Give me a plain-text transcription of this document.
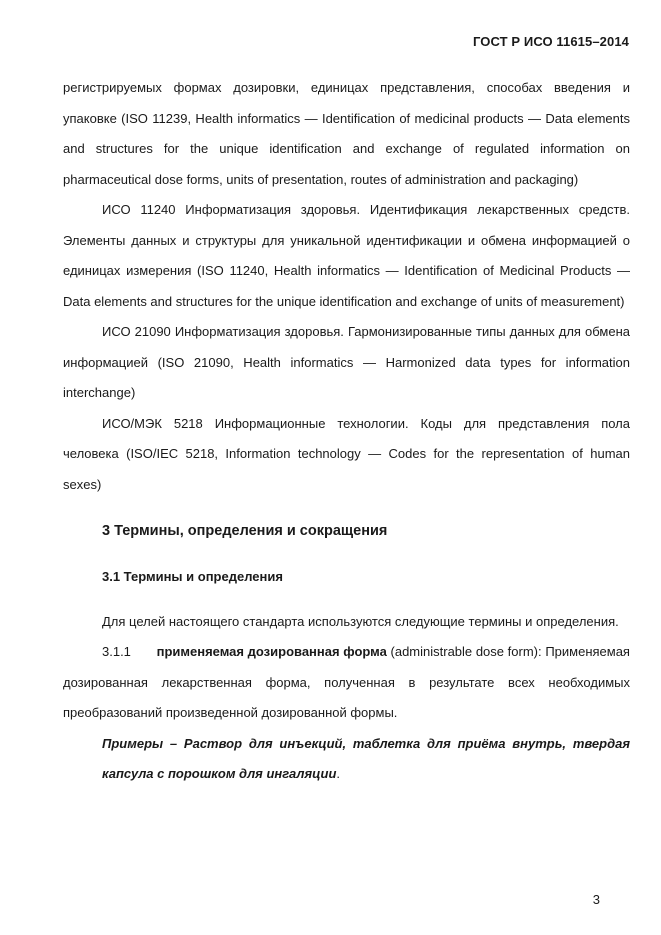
ГОСТ Р ИСО 11615–2014

регистрируемых формах дозировки, единицах представления, способах введения и упаковке (ISO 11239, Health informatics — Identification of medicinal products — Data elements and structures for the unique identification and exchange of regulated information on pharmaceutical dose forms, units of presentation, routes of administration and packaging)

ИСО 11240 Информатизация здоровья. Идентификация лекарственных средств. Элементы данных и структуры для уникальной идентификации и обмена информацией о единицах измерения (ISO 11240, Health informatics — Identification of Medicinal Products — Data elements and structures for the unique identification and exchange of units of measurement)

ИСО 21090 Информатизация здоровья. Гармонизированные типы данных для обмена информацией (ISO 21090, Health informatics — Harmonized data types for information interchange)

ИСО/МЭК 5218 Информационные технологии. Коды для представления пола человека (ISO/IEC 5218, Information technology — Codes for the representation of human sexes)

3 Термины, определения и сокращения

3.1 Термины и определения

Для целей настоящего стандарта используются следующие термины и определения.

3.1.1 применяемая дозированная форма (administrable dose form): Применяемая дозированная лекарственная форма, полученная в результате всех необходимых преобразований произведенной дозированной формы.

Примеры – Раствор для инъекций, таблетка для приёма внутрь, твердая капсула с порошком для ингаляции.

3
